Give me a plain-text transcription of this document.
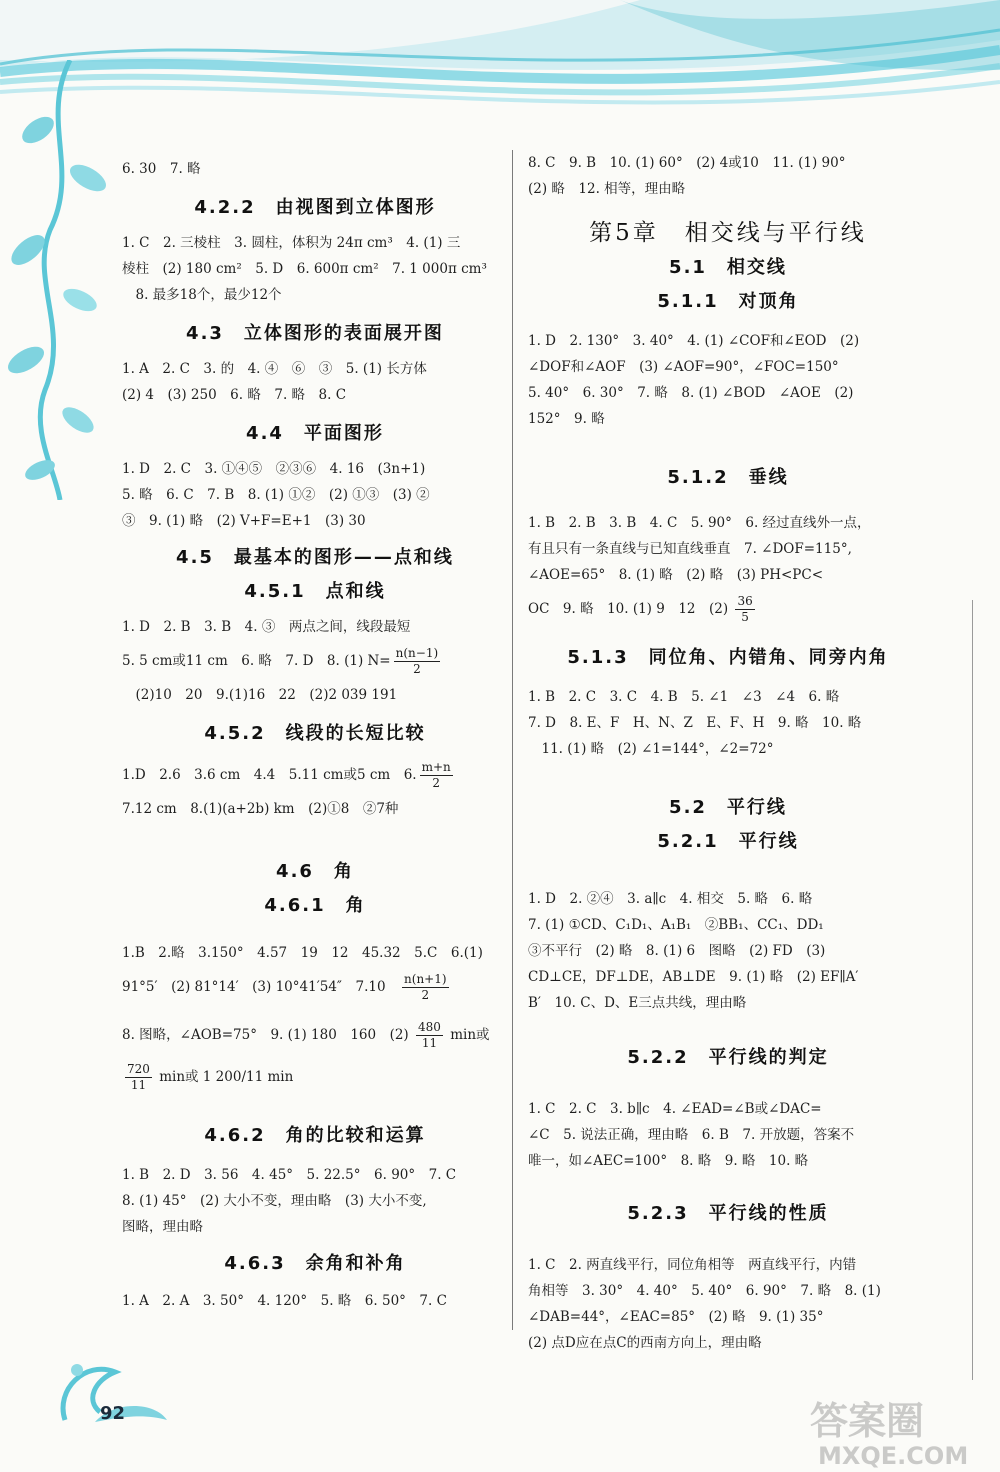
6. 30　7. 略
4.2.2　由视图到立体图形
1. C　2. 三棱柱　3. 圆柱，体积为 24π cm³　4. (1) 三
棱柱　(2) 180 cm²　5. D　6. 600π cm²　7. 1 000π cm³
　8. 最多18个，最少12个
4.3　立体图形的表面展开图
1. A　2. C　3. 的　4. ④　⑥　③　5. (1) 长方体
(2) 4　(3) 250　6. 略　7. 略　8. C
4.4　平面图形
1. D　2. C　3. ①④⑤　②③⑥　4. 16　(3n+1)
5. 略　6. C　7. B　8. (1) ①②　(2) ①③　(3) ②
③　9. (1) 略　(2) V+F=E+1　(3) 30
4.5　最基本的图形——点和线
4.5.1　点和线
1. D　2. B　3. B　4. ③　两点之间，线段最短
5. 5 cm或11 cm　6. 略　7. D　8. (1) $N= \frac{n(n-1)}{2}$
　(2)10　20　9.(1)16　22　(2)2 039 191
4.5.2　线段的长短比较
1.D　2.6　3.6 cm　4.4　5.11 cm或5 cm　6. $\frac{m+n}{2}$
7.12 cm　8.(1)(a+2b) km　(2)①8　②7种
4.6　角
4.6.1　角
1.B　2.略　3.150°　4.57　19　12　45.32　5.C　6.(1)
91°5′　(2) 81°14′　(3) 10°41′54″　7.10　 $\frac{n(n+1)}{2}$
8. 图略，∠AOB=75°　9. (1) 180　160　$(2) \frac{480}{11}$ min或
$\frac{720}{11}$ min或 1 200/11 min
4.6.2　角的比较和运算
1. B　2. D　3. 56　4. 45°　5. 22.5°　6. 90°　7. C
8. (1) 45°　(2) 大小不变，理由略　(3) 大小不变,
图略，理由略
4.6.3　余角和补角
1. A　2. A　3. 50°　4. 120°　5. 略　6. 50°　7. C
8. C　9. B　10. (1) 60°　(2) 4或10　11. (1) 90°
(2) 略　12. 相等，理由略
第5章　相交线与平行线
5.1　相交线
5.1.1　对顶角
1. D　2. 130°　3. 40°　4. (1) ∠COF和∠EOD　(2)
∠DOF和∠AOF　(3) ∠AOF=90°，∠FOC=150°
5. 40°　6. 30°　7. 略　8. (1) ∠BOD　∠AOE　(2)
152°　9. 略
5.1.2　垂线
1. B　2. B　3. B　4. C　5. 90°　6. 经过直线外一点，
有且只有一条直线与已知直线垂直　7. ∠DOF=115°,
∠AOE=65°　8. (1) 略　(2) 略　(3) PH<PC<
OC　9. 略　10. (1) 9　12　$(2) \frac{36}{5}$
5.1.3　同位角、内错角、同旁内角
1. B　2. C　3. C　4. B　5. ∠1　∠3　∠4　6. 略
7. D　8. E、F　H、N、Z　E、F、H　9. 略　10. 略
　11. (1) 略　(2) ∠1=144°，∠2=72°
5.2　平行线
5.2.1　平行线
1. D　2. ②④　3. a∥c　4. 相交　5. 略　6. 略
7. (1) ①CD、C₁D₁、A₁B₁　②BB₁、CC₁、DD₁
③不平行　(2) 略　8. (1) 6　图略　(2) FD　(3)
CD⊥CE，DF⊥DE，AB⊥DE　9. (1) 略　(2) EF∥A′
B′　10. C、D、E三点共线，理由略
5.2.2　平行线的判定
1. C　2. C　3. b∥c　4. ∠EAD=∠B或∠DAC=
∠C　5. 说法正确，理由略　6. B　7. 开放题，答案不
唯一，如∠AEC=100°　8. 略　9. 略　10. 略
5.2.3　平行线的性质
1. C　2. 两直线平行，同位角相等　两直线平行，内错
角相等　3. 30°　4. 40°　5. 40°　6. 90°　7. 略　8. (1)
∠DAB=44°，∠EAC=85°　(2) 略　9. (1) 35°
(2) 点D应在点C的西南方向上，理由略
92	答案圈
MXQE.COM
